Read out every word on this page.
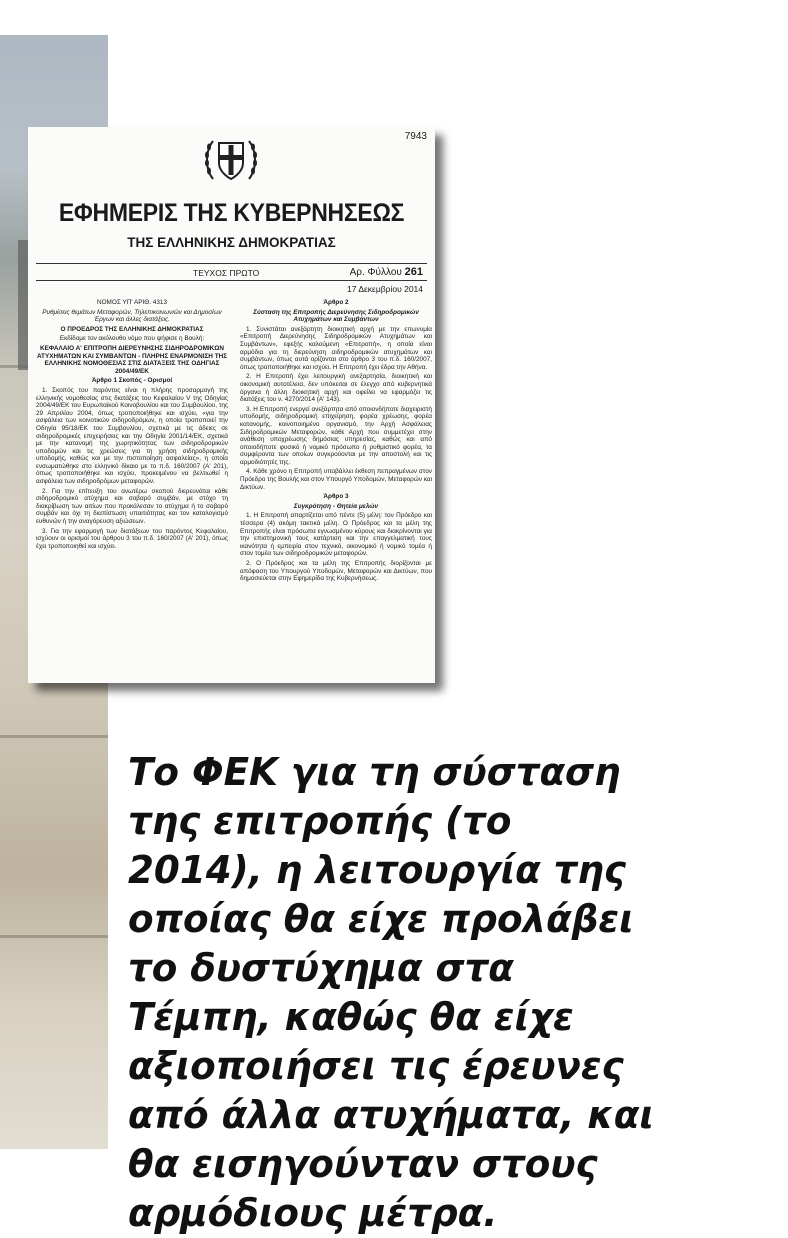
7943
ΕΦΗΜΕΡΙΣ ΤΗΣ ΚΥΒΕΡΝΗΣΕΩΣ
ΤΗΣ ΕΛΛΗΝΙΚΗΣ ΔΗΜΟΚΡΑΤΙΑΣ
ΤΕΥΧΟΣ ΠΡΩΤΟ	Αρ. Φύλλου 261
17 Δεκεμβρίου 2014
ΝΟΜΟΣ ΥΠ' ΑΡΙΘ. 4313
Ρυθμίσεις θεμάτων Μεταφορών, Τηλεπικοινωνιών και Δημοσίων Έργων και άλλες διατάξεις.
Ο ΠΡΟΕΔΡΟΣ ΤΗΣ ΕΛΛΗΝΙΚΗΣ ΔΗΜΟΚΡΑΤΙΑΣ
Εκδίδομε τον ακόλουθο νόμο που ψήφισε η Βουλή:
ΚΕΦΑΛΑΙΟ Α' ΕΠΙΤΡΟΠΗ ΔΙΕΡΕΥΝΗΣΗΣ ΣΙΔΗΡΟΔΡΟΜΙΚΩΝ ΑΤΥΧΗΜΑΤΩΝ ΚΑΙ ΣΥΜΒΑΝΤΩΝ - ΠΛΗΡΗΣ ΕΝΑΡΜΟΝΙΣΗ ΤΗΣ ΕΛΛΗΝΙΚΗΣ ΝΟΜΟΘΕΣΙΑΣ ΣΤΙΣ ΔΙΑΤΑΞΕΙΣ ΤΗΣ ΟΔΗΓΙΑΣ 2004/49/ΕΚ
Άρθρο 1 Σκοπός - Ορισμοί
1. Σκοπός του παρόντος είναι η πλήρης προσαρμογή της ελληνικής νομοθεσίας στις διατάξεις του Κεφαλαίου V της Οδηγίας 2004/49/ΕΚ του Ευρωπαϊκού Κοινοβουλίου και του Συμβουλίου, της 29 Απριλίου 2004, όπως τροποποιήθηκε και ισχύει, «για την ασφάλεια των κοινοτικών σιδηροδρόμων, η οποία τροποποιεί την Οδηγία 95/18/ΕΚ του Συμβουλίου, σχετικά με τις άδειες σε σιδηροδρομικές επιχειρήσεις και την Οδηγία 2001/14/ΕΚ, σχετικά με την κατανομή της χωρητικότητας των σιδηροδρομικών υποδομών και τις χρεώσεις για τη χρήση σιδηροδρομικής υποδομής, καθώς και με την πιστοποίηση ασφαλείας», η οποία ενσωματώθηκε στο ελληνικό δίκαιο με το π.δ. 160/2007 (Α' 201), όπως τροποποιήθηκε και ισχύει, προκειμένου να βελτιωθεί η ασφάλεια των σιδηροδρόμων μεταφορών.
2. Για την επίτευξη του ανωτέρω σκοπού διερευνάται κάθε σιδηροδρομικό ατύχημα και σοβαρό συμβάν, με στόχο τη διακρίβωση των αιτίων που προκάλεσαν το ατύχημα ή το σοβαρό συμβάν και όχι τη διαπίστωση υπαιτιότητας και τον καταλογισμό ευθυνών ή την αναγόρευση αξιώσεων.
3. Για την εφαρμογή των διατάξεων του παρόντος Κεφαλαίου, ισχύουν οι ορισμοί του άρθρου 3 του π.δ. 160/2007 (Α' 201), όπως έχει τροποποιηθεί και ισχύει.
Άρθρο 2
Σύσταση της Επιτροπής Διερεύνησης Σιδηροδρομικών Ατυχημάτων και Συμβάντων
1. Συνιστάται ανεξάρτητη διοικητική αρχή με την επωνυμία «Επιτροπή Διερεύνησης Σιδηροδρομικών Ατυχημάτων και Συμβάντων», εφεξής καλούμενη «Επιτροπή», η οποία είναι αρμόδια για τη διερεύνηση σιδηροδρομικών ατυχημάτων και συμβάντων, όπως αυτά ορίζονται στο άρθρο 3 του π.δ. 160/2007, όπως τροποποιήθηκε και ισχύει. Η Επιτροπή έχει έδρα την Αθήνα.
2. Η Επιτροπή έχει λειτουργική ανεξαρτησία, διοικητική και οικονομική αυτοτέλεια, δεν υπόκειται σε έλεγχο από κυβερνητικά όργανα ή άλλη διοικητική αρχή και οφείλει να εφαρμόζει τις διατάξεις του ν. 4270/2014 (Α' 143).
3. Η Επιτροπή ενεργεί ανεξάρτητα από οποιονδήποτε διαχειριστή υποδομής, σιδηροδρομική επιχείρηση, φορέα χρέωσης, φορέα κατανομής, κοινοποιημένο οργανισμό, την Αρχή Ασφάλειας Σιδηροδρομικών Μεταφορών, κάθε Αρχή που συμμετέχει στην ανάθεση υποχρέωσης δημόσιας υπηρεσίας, καθώς και από οποιοδήποτε φυσικό ή νομικό πρόσωπο ή ρυθμιστικό φορέα, τα συμφέροντα των οποίων συγκρούονται με την αποστολή και τις αρμοδιότητές της.
4. Κάθε χρόνο η Επιτροπή υποβάλλει έκθεση πεπραγμένων στον Πρόεδρο της Βουλής και στον Υπουργό Υποδομών, Μεταφορών και Δικτύων.
Άρθρο 3
Συγκρότηση - Θητεία μελών
1. Η Επιτροπή απαρτίζεται από πέντε (5) μέλη: τον Πρόεδρο και τέσσερα (4) ακόμη τακτικά μέλη. Ο Πρόεδρος και τα μέλη της Επιτροπής είναι πρόσωπα εγνωσμένου κύρους και διακρίνονται για την επιστημονική τους κατάρτιση και την επαγγελματική τους ικανότητα ή εμπειρία στον τεχνικό, οικονομικό ή νομικό τομέα ή στον τομέα των σιδηροδρομικών μεταφορών.
2. Ο Πρόεδρος και τα μέλη της Επιτροπής διορίζονται με απόφαση του Υπουργού Υποδομών, Μεταφορών και Δικτύων, που δημοσιεύεται στην Εφημερίδα της Κυβερνήσεως.
Το ΦΕΚ για τη σύσταση
της επιτροπής (το
2014), η λειτουργία της
οποίας θα είχε προλάβει
το δυστύχημα στα
Τέμπη, καθώς θα είχε
αξιοποιήσει τις έρευνες
από άλλα ατυχήματα, και
θα εισηγούνταν στους
αρμόδιους μέτρα.
